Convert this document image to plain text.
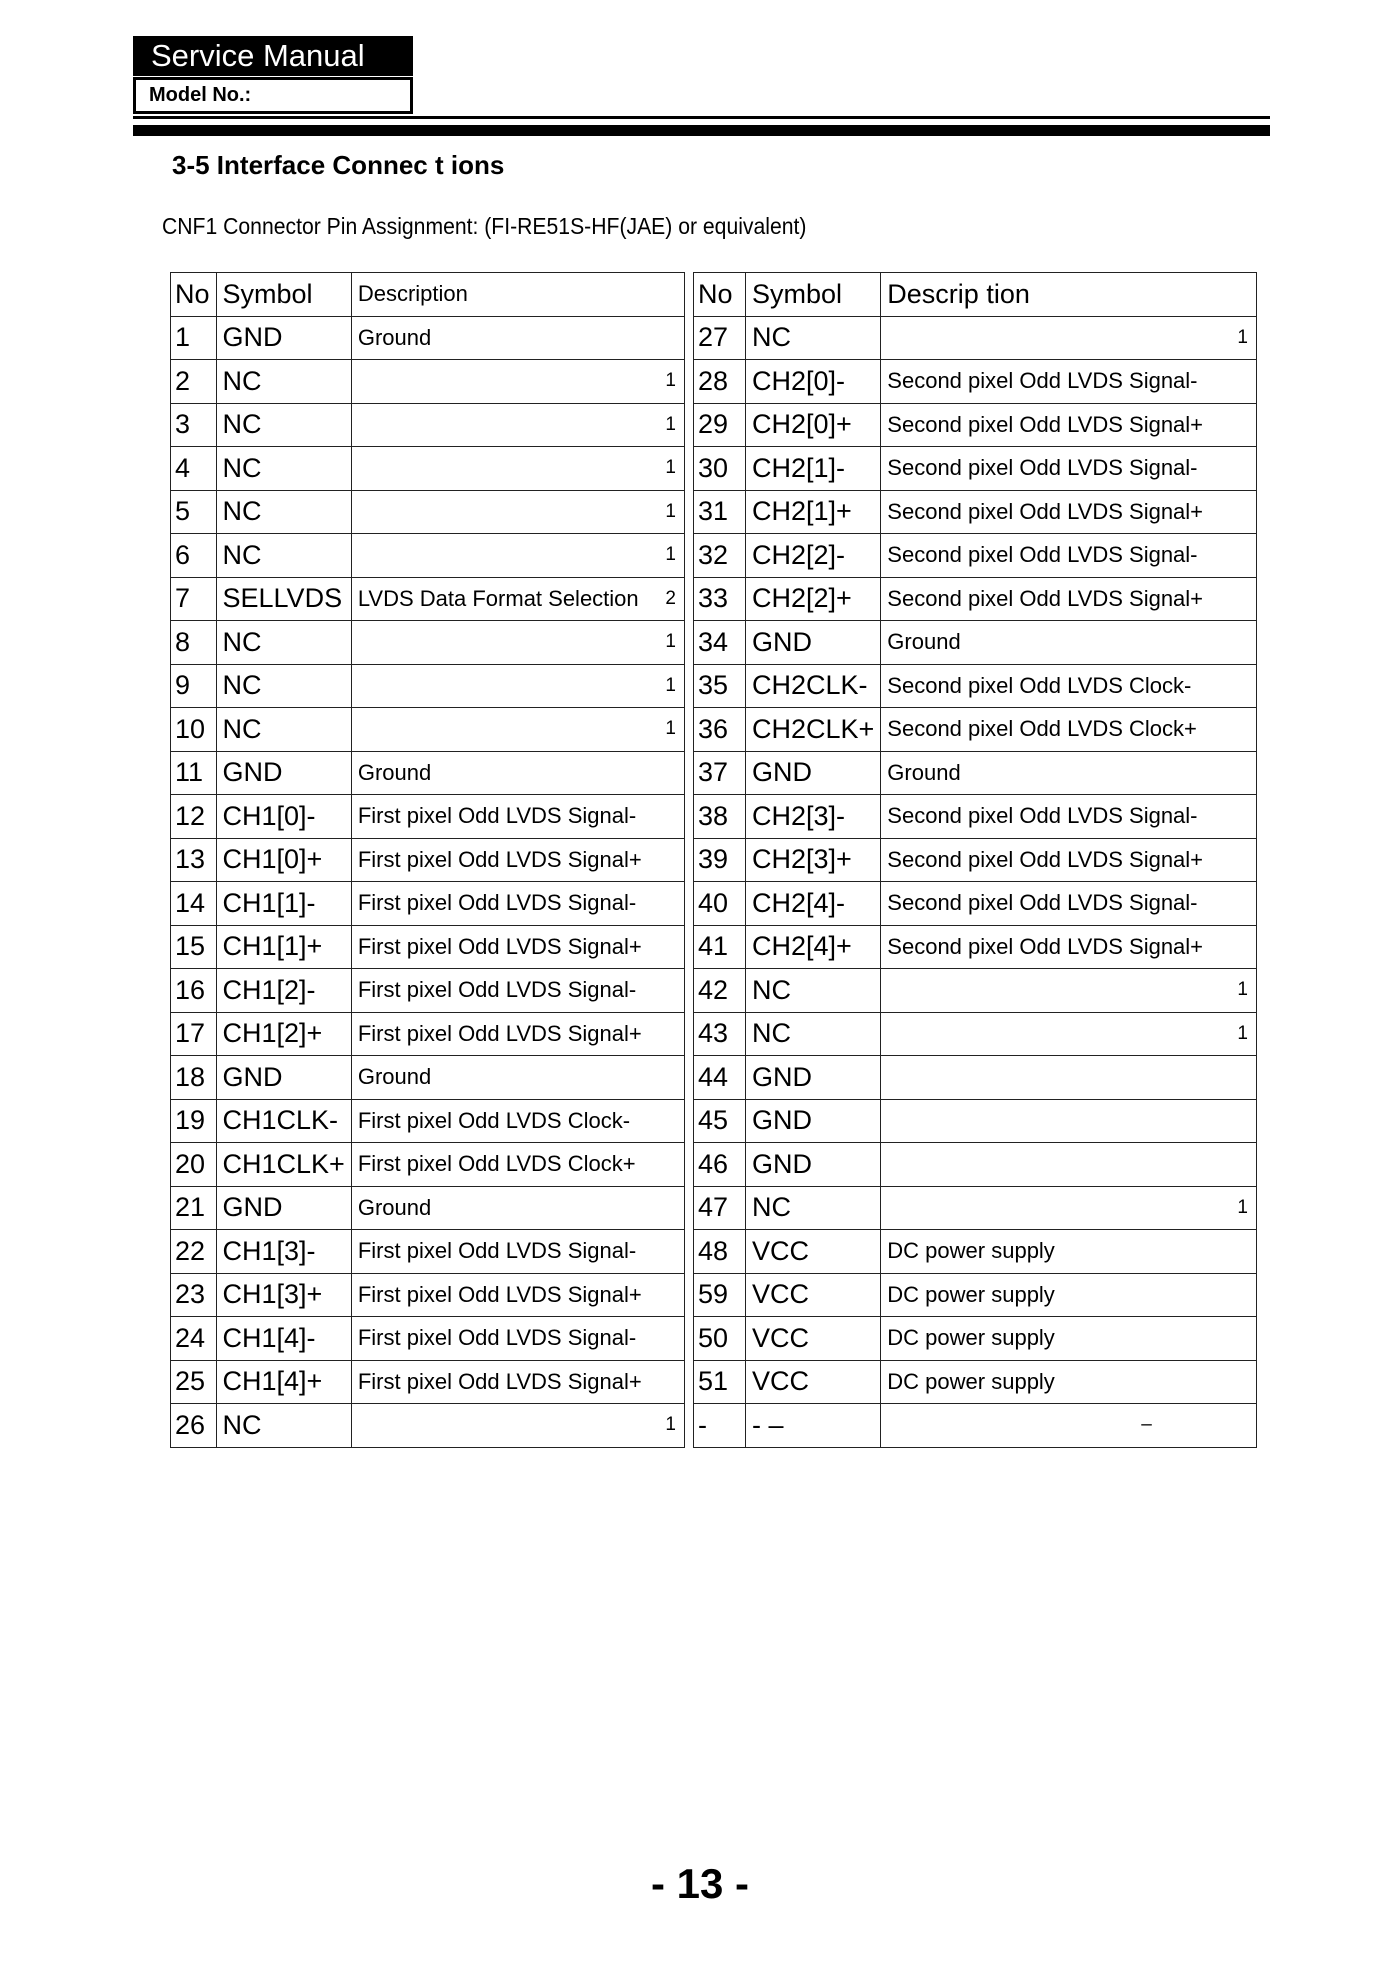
Service Manual
Model No.:
3-5 Interface Connec t ions
CNF1 Connector Pin Assignment: (FI-RE51S-HF(JAE) or equivalent)
No	Symbol	Description
1	GND	Ground
2	NC	1

3	NC	1

4	NC	1

5	NC	1

6	NC	1

7	SELLVDS	LVDS Data Format Selection 2

8	NC	1

9	NC	1

10	NC	1

11	GND	Ground
12	CH1[0]-	First pixel Odd LVDS Signal-
13	CH1[0]+	First pixel Odd LVDS Signal+
14	CH1[1]-	First pixel Odd LVDS Signal-
15	CH1[1]+	First pixel Odd LVDS Signal+
16	CH1[2]-	First pixel Odd LVDS Signal-
17	CH1[2]+	First pixel Odd LVDS Signal+
18	GND	Ground
19	CH1CLK-	First pixel Odd LVDS Clock-
20	CH1CLK+	First pixel Odd LVDS Clock+
21	GND	Ground
22	CH1[3]-	First pixel Odd LVDS Signal-
23	CH1[3]+	First pixel Odd LVDS Signal+
24	CH1[4]-	First pixel Odd LVDS Signal-
25	CH1[4]+	First pixel Odd LVDS Signal+
26	NC	1
No	Symbol	Descrip tion
27	NC	1

28	CH2[0]-	Second pixel Odd LVDS Signal-
29	CH2[0]+	Second pixel Odd LVDS Signal+
30	CH2[1]-	Second pixel Odd LVDS Signal-
31	CH2[1]+	Second pixel Odd LVDS Signal+
32	CH2[2]-	Second pixel Odd LVDS Signal-
33	CH2[2]+	Second pixel Odd LVDS Signal+
34	GND	Ground
35	CH2CLK-	Second pixel Odd LVDS Clock-
36	CH2CLK+	Second pixel Odd LVDS Clock+
37	GND	Ground
38	CH2[3]-	Second pixel Odd LVDS Signal-
39	CH2[3]+	Second pixel Odd LVDS Signal+
40	CH2[4]-	Second pixel Odd LVDS Signal-
41	CH2[4]+	Second pixel Odd LVDS Signal+
42	NC	1

43	NC	1

44	GND	
45	GND	
46	GND	
47	NC	1

48	VCC	DC power supply
59	VCC	DC power supply
50	VCC	DC power supply
51	VCC	DC power supply
-	- –	–
- 13 -
